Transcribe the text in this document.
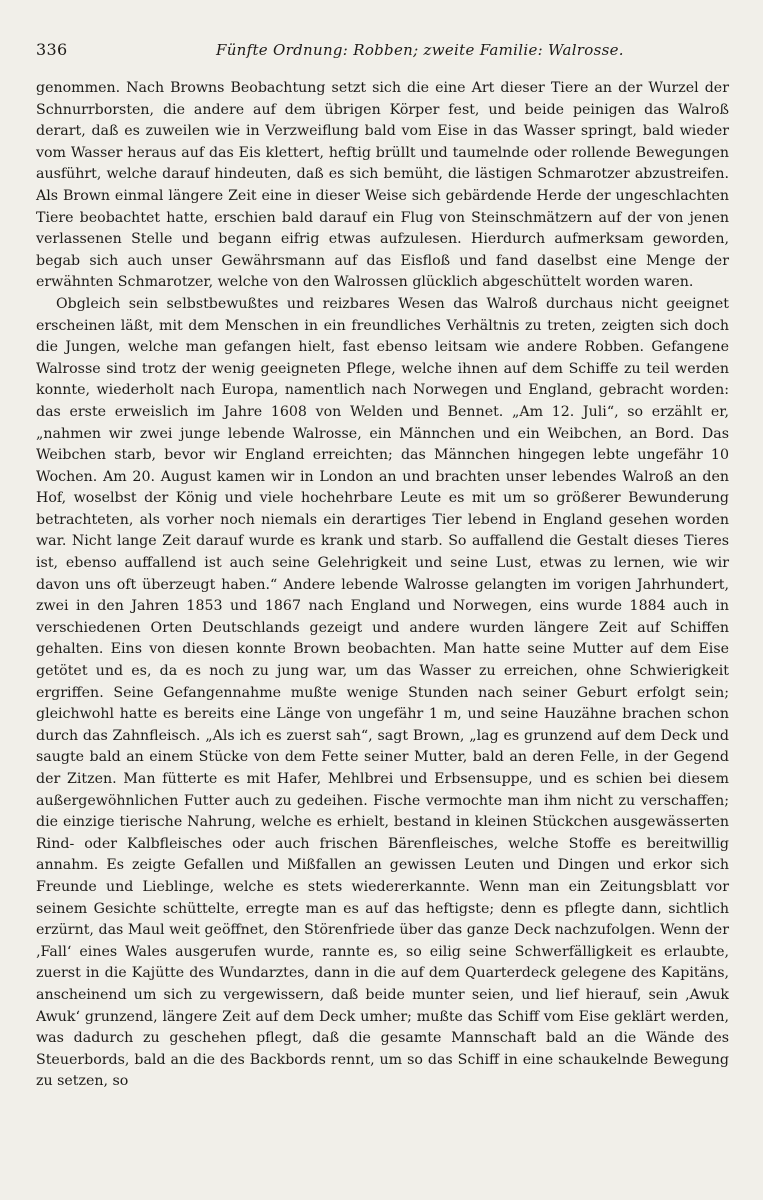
336	Fünfte Ordnung: Robben; zweite Familie: Walrosse.

genommen. Nach Browns Beobachtung setzt sich die eine Art dieser Tiere an der Wurzel der Schnurrborsten, die andere auf dem übrigen Körper fest, und beide peinigen das Walroß derart, daß es zuweilen wie in Verzweiflung bald vom Eise in das Wasser springt, bald wieder vom Wasser heraus auf das Eis klettert, heftig brüllt und taumelnde oder rollende Bewegungen ausführt, welche darauf hindeuten, daß es sich bemüht, die lästigen Schmarotzer abzustreifen. Als Brown einmal längere Zeit eine in dieser Weise sich gebärdende Herde der ungeschlachten Tiere beobachtet hatte, erschien bald darauf ein Flug von Steinschmätzern auf der von jenen verlassenen Stelle und begann eifrig etwas aufzulesen. Hierdurch aufmerksam geworden, begab sich auch unser Gewährsmann auf das Eisfloß und fand daselbst eine Menge der erwähnten Schmarotzer, welche von den Walrossen glücklich abgeschüttelt worden waren.

Obgleich sein selbstbewußtes und reizbares Wesen das Walroß durchaus nicht geeignet erscheinen läßt, mit dem Menschen in ein freundliches Verhältnis zu treten, zeigten sich doch die Jungen, welche man gefangen hielt, fast ebenso leitsam wie andere Robben. Gefangene Walrosse sind trotz der wenig geeigneten Pflege, welche ihnen auf dem Schiffe zu teil werden konnte, wiederholt nach Europa, namentlich nach Norwegen und England, gebracht worden: das erste erweislich im Jahre 1608 von Welden und Bennet. „Am 12. Juli“, so erzählt er, „nahmen wir zwei junge lebende Walrosse, ein Männchen und ein Weibchen, an Bord. Das Weibchen starb, bevor wir England erreichten; das Männchen hingegen lebte ungefähr 10 Wochen. Am 20. August kamen wir in London an und brachten unser lebendes Walroß an den Hof, woselbst der König und viele hochehrbare Leute es mit um so größerer Bewunderung betrachteten, als vorher noch niemals ein derartiges Tier lebend in England gesehen worden war. Nicht lange Zeit darauf wurde es krank und starb. So auffallend die Gestalt dieses Tieres ist, ebenso auffallend ist auch seine Gelehrigkeit und seine Lust, etwas zu lernen, wie wir davon uns oft überzeugt haben.“ Andere lebende Walrosse gelangten im vorigen Jahrhundert, zwei in den Jahren 1853 und 1867 nach England und Norwegen, eins wurde 1884 auch in verschiedenen Orten Deutschlands gezeigt und andere wurden längere Zeit auf Schiffen gehalten. Eins von diesen konnte Brown beobachten. Man hatte seine Mutter auf dem Eise getötet und es, da es noch zu jung war, um das Wasser zu erreichen, ohne Schwierigkeit ergriffen. Seine Gefangennahme mußte wenige Stunden nach seiner Geburt erfolgt sein; gleichwohl hatte es bereits eine Länge von ungefähr 1 m, und seine Hauzähne brachen schon durch das Zahnfleisch. „Als ich es zuerst sah“, sagt Brown, „lag es grunzend auf dem Deck und saugte bald an einem Stücke von dem Fette seiner Mutter, bald an deren Felle, in der Gegend der Zitzen. Man fütterte es mit Hafer, Mehlbrei und Erbsensuppe, und es schien bei diesem außergewöhnlichen Futter auch zu gedeihen. Fische vermochte man ihm nicht zu verschaffen; die einzige tierische Nahrung, welche es erhielt, bestand in kleinen Stückchen ausgewässerten Rind- oder Kalbfleisches oder auch frischen Bärenfleisches, welche Stoffe es bereitwillig annahm. Es zeigte Gefallen und Mißfallen an gewissen Leuten und Dingen und erkor sich Freunde und Lieblinge, welche es stets wiedererkannte. Wenn man ein Zeitungsblatt vor seinem Gesichte schüttelte, erregte man es auf das heftigste; denn es pflegte dann, sichtlich erzürnt, das Maul weit geöffnet, den Störenfriede über das ganze Deck nachzufolgen. Wenn der ‚Fall‘ eines Wales ausgerufen wurde, rannte es, so eilig seine Schwerfälligkeit es erlaubte, zuerst in die Kajütte des Wundarztes, dann in die auf dem Quarterdeck gelegene des Kapitäns, anscheinend um sich zu vergewissern, daß beide munter seien, und lief hierauf, sein ‚Awuk Awuk‘ grunzend, längere Zeit auf dem Deck umher; mußte das Schiff vom Eise geklärt werden, was dadurch zu geschehen pflegt, daß die gesamte Mannschaft bald an die Wände des Steuerbords, bald an die des Backbords rennt, um so das Schiff in eine schaukelnde Bewegung zu setzen, so
